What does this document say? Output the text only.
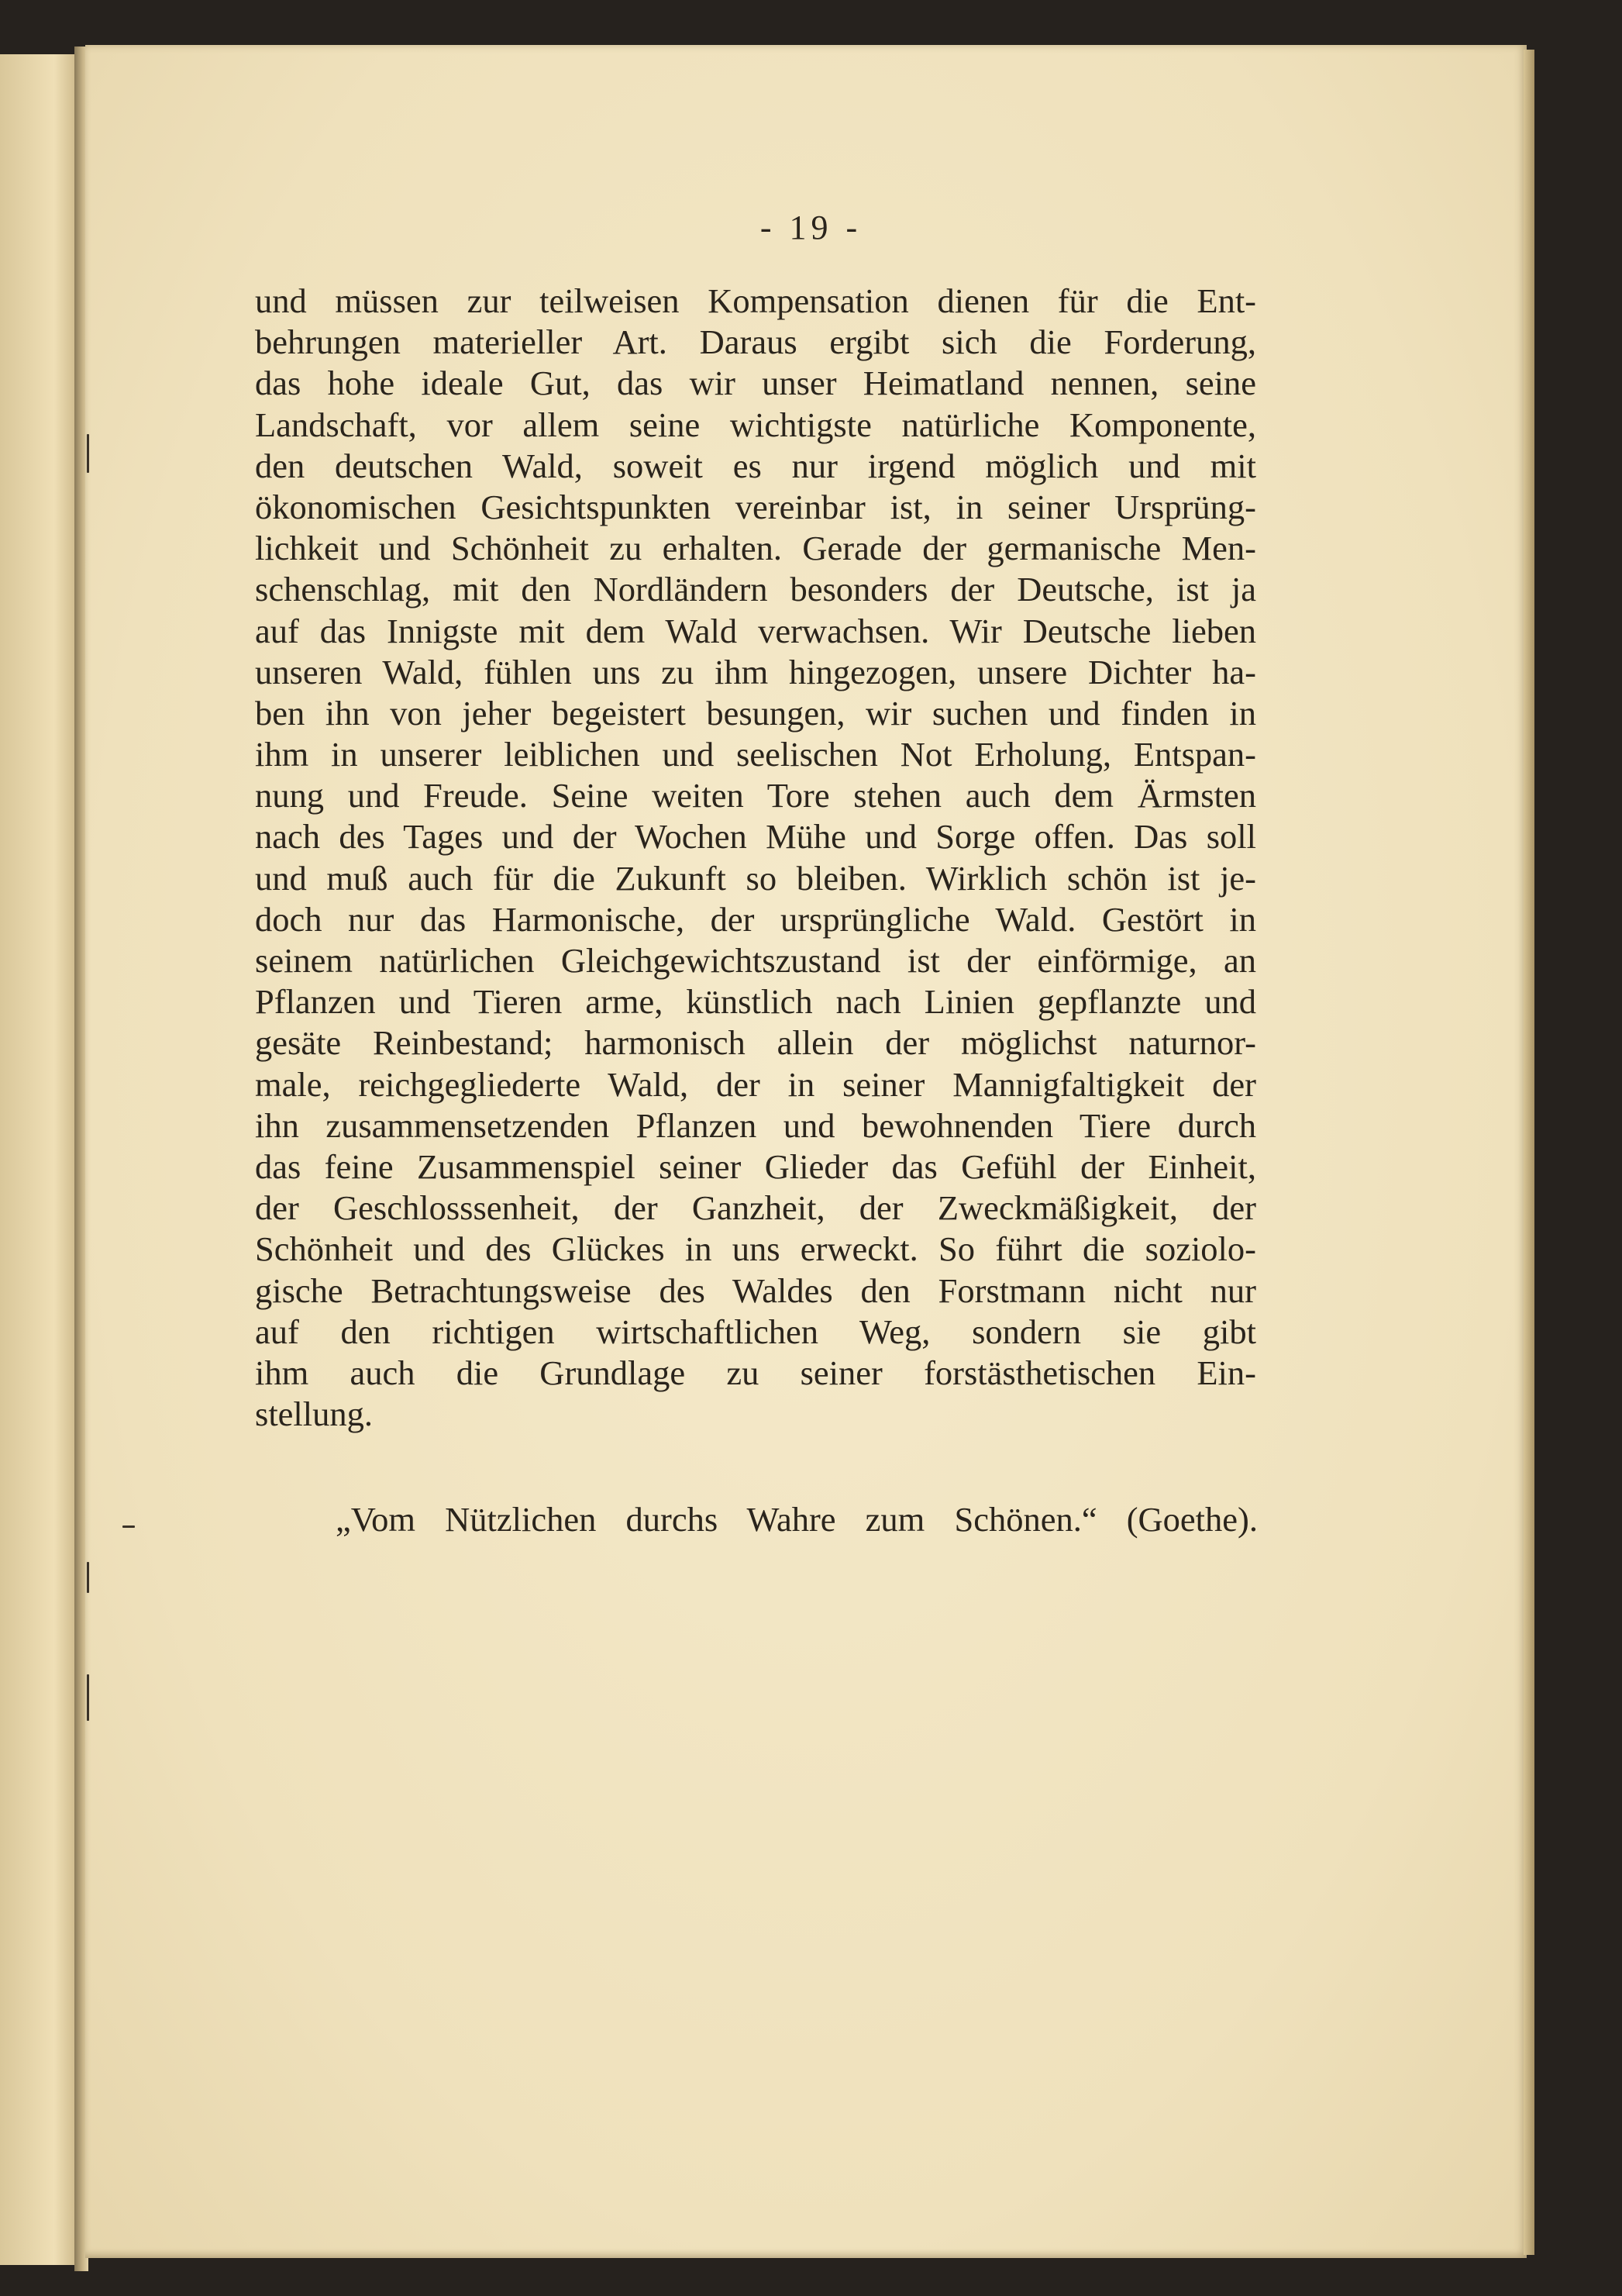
- 19 -
und müssen zur teilweisen Kompensation dienen für die Ent-
behrungen materieller Art. Daraus ergibt sich die Forderung,
das hohe ideale Gut, das wir unser Heimatland nennen, seine
Landschaft, vor allem seine wichtigste natürliche Komponente,
den deutschen Wald, soweit es nur irgend möglich und mit
ökonomischen Gesichtspunkten vereinbar ist, in seiner Ursprüng-
lichkeit und Schönheit zu erhalten. Gerade der germanische Men-
schenschlag, mit den Nordländern besonders der Deutsche, ist ja
auf das Innigste mit dem Wald verwachsen. Wir Deutsche lieben
unseren Wald, fühlen uns zu ihm hingezogen, unsere Dichter ha-
ben ihn von jeher begeistert besungen, wir suchen und finden in
ihm in unserer leiblichen und seelischen Not Erholung, Entspan-
nung und Freude. Seine weiten Tore stehen auch dem Ärmsten
nach des Tages und der Wochen Mühe und Sorge offen. Das soll
und muß auch für die Zukunft so bleiben. Wirklich schön ist je-
doch nur das Harmonische, der ursprüngliche Wald. Gestört in
seinem natürlichen Gleichgewichtszustand ist der einförmige, an
Pflanzen und Tieren arme, künstlich nach Linien gepflanzte und
gesäte Reinbestand; harmonisch allein der möglichst naturnor-
male, reichgegliederte Wald, der in seiner Mannigfaltigkeit der
ihn zusammensetzenden Pflanzen und bewohnenden Tiere durch
das feine Zusammenspiel seiner Glieder das Gefühl der Einheit,
der Geschlosssenheit, der Ganzheit, der Zweckmäßigkeit, der
Schönheit und des Glückes in uns erweckt. So führt die soziolo-
gische Betrachtungsweise des Waldes den Forstmann nicht nur
auf den richtigen wirtschaftlichen Weg, sondern sie gibt
ihm auch die Grundlage zu seiner forstästhetischen Ein-
stellung.
„Vom Nützlichen durchs Wahre zum Schönen.“ (Goethe).
